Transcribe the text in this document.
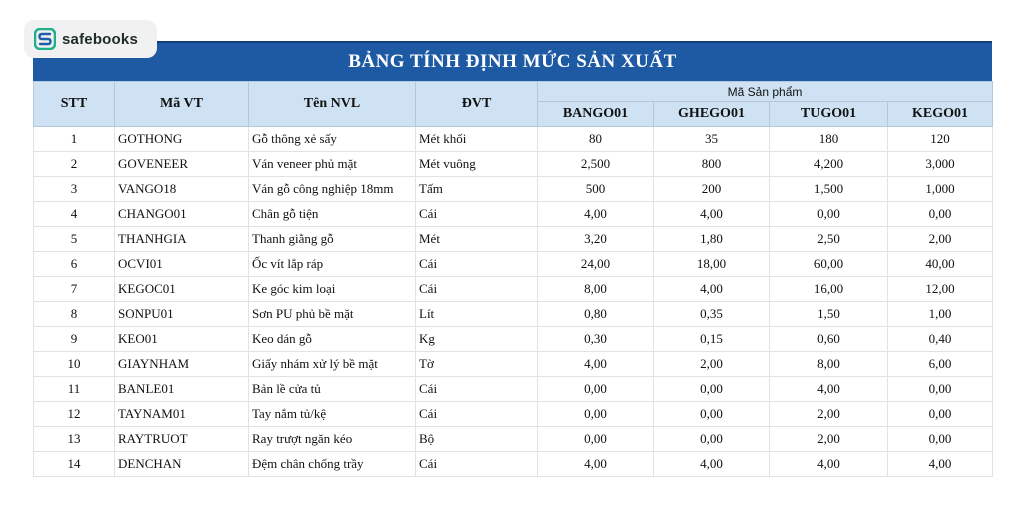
safebooks
BẢNG TÍNH ĐỊNH MỨC SẢN XUẤT
STT	Mã VT	Tên NVL	ĐVT	Mã Sản phẩm			
				BANGO01	GHEGO01	TUGO01	KEGO01
1	GOTHONG	Gỗ thông xẻ sấy	Mét khối	80	35	180	120
2	GOVENEER	Ván veneer phủ mặt	Mét vuông	2,500	800	4,200	3,000
3	VANGO18	Ván gỗ công nghiệp 18mm	Tấm	500	200	1,500	1,000
4	CHANGO01	Chân gỗ tiện	Cái	4,00	4,00	0,00	0,00
5	THANHGIA	Thanh giằng gỗ	Mét	3,20	1,80	2,50	2,00
6	OCVI01	Ốc vít lắp ráp	Cái	24,00	18,00	60,00	40,00
7	KEGOC01	Ke góc kim loại	Cái	8,00	4,00	16,00	12,00
8	SONPU01	Sơn PU phủ bề mặt	Lít	0,80	0,35	1,50	1,00
9	KEO01	Keo dán gỗ	Kg	0,30	0,15	0,60	0,40
10	GIAYNHAM	Giấy nhám xử lý bề mặt	Tờ	4,00	2,00	8,00	6,00
11	BANLE01	Bản lề cửa tủ	Cái	0,00	0,00	4,00	0,00
12	TAYNAM01	Tay nắm tủ/kệ	Cái	0,00	0,00	2,00	0,00
13	RAYTRUOT	Ray trượt ngăn kéo	Bộ	0,00	0,00	2,00	0,00
14	DENCHAN	Đệm chân chống trầy	Cái	4,00	4,00	4,00	4,00
